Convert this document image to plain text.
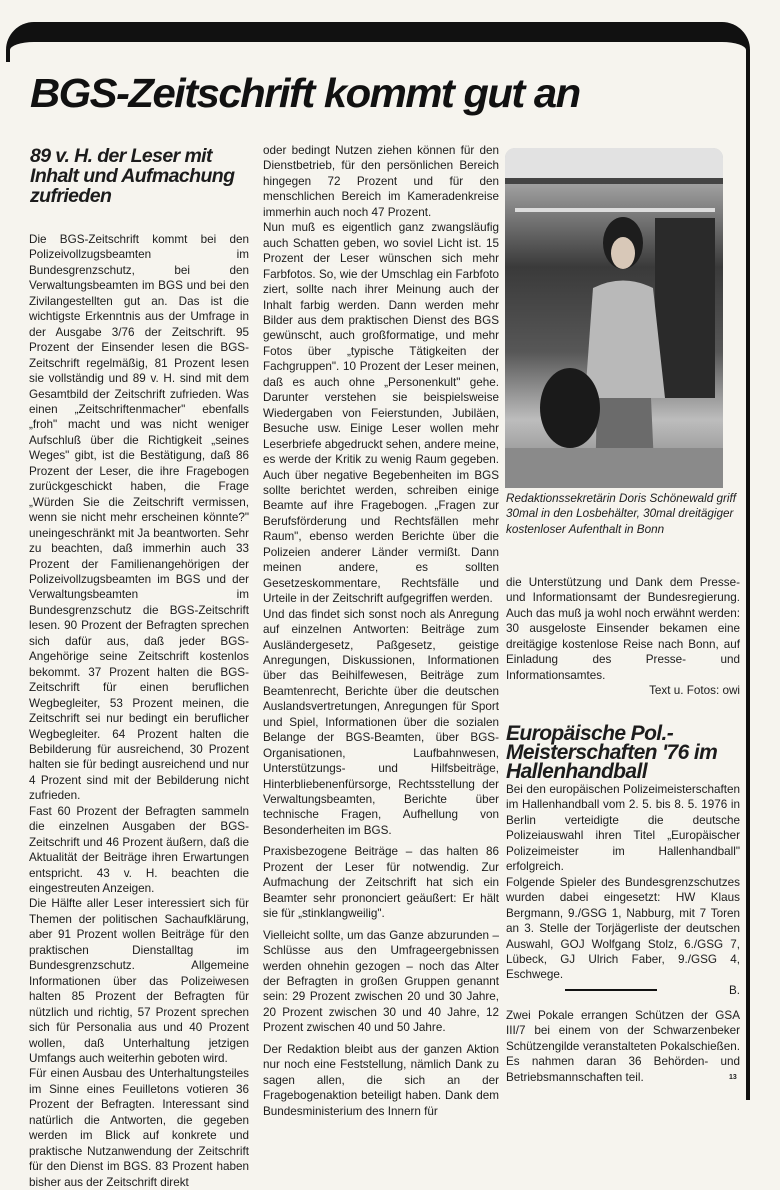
BGS-Zeitschrift kommt gut an
89 v. H. der Leser mit Inhalt und Aufmachung zufrieden

Die BGS-Zeitschrift kommt bei den Polizeivollzugsbeamten im Bundesgrenzschutz, bei den Verwaltungsbeamten im BGS und bei den Zivilangestellten gut an. Das ist die wichtigste Erkenntnis aus der Umfrage in der Ausgabe 3/76 der Zeitschrift. 95 Prozent der Einsender lesen die BGS-Zeitschrift regelmäßig, 81 Prozent lesen sie vollständig und 89 v. H. sind mit dem Gesamtbild der Zeitschrift zufrieden. Was einen „Zeitschriftenmacher" ebenfalls „froh" macht und was nicht weniger Aufschluß über die Richtigkeit „seines Weges" gibt, ist die Bestätigung, daß 86 Prozent der Leser, die ihre Fragebogen zurückgeschickt haben, die Frage „Würden Sie die Zeitschrift vermissen, wenn sie nicht mehr erscheinen könnte?" uneingeschränkt mit Ja beantworten. Sehr zu beachten, daß immerhin auch 33 Prozent der Familienangehörigen der Polizeivollzugsbeamten im BGS und der Verwaltungsbeamten im Bundesgrenzschutz die BGS-Zeitschrift lesen. 90 Prozent der Befragten sprechen sich dafür aus, daß jeder BGS-Angehörige seine Zeitschrift kostenlos bekommt. 37 Prozent halten die BGS-Zeitschrift für einen beruflichen Wegbegleiter, 53 Prozent meinen, die Zeitschrift sei nur bedingt ein beruflicher Wegbegleiter. 64 Prozent halten die Bebilderung für ausreichend, 30 Prozent halten sie für bedingt ausreichend und nur 4 Prozent sind mit der Bebilderung nicht zufrieden.

Fast 60 Prozent der Befragten sammeln die einzelnen Ausgaben der BGS-Zeitschrift und 46 Prozent äußern, daß die Aktualität der Beiträge ihren Erwartungen entspricht. 43 v. H. beachten die eingestreuten Anzeigen.

Die Hälfte aller Leser interessiert sich für Themen der politischen Sachaufklärung, aber 91 Prozent wollen Beiträge für den praktischen Dienstalltag im Bundesgrenzschutz. Allgemeine Informationen über das Polizeiwesen halten 85 Prozent der Befragten für nützlich und richtig, 57 Prozent sprechen sich für Personalia aus und 40 Prozent wollen, daß Unterhaltung jetzigen Umfangs auch weiterhin geboten wird.

Für einen Ausbau des Unterhaltungsteiles im Sinne eines Feuilletons votieren 36 Prozent der Befragten. Interessant sind natürlich die Antworten, die gegeben werden im Blick auf konkrete und praktische Nutzanwendung der Zeitschrift für den Dienst im BGS. 83 Prozent haben bisher aus der Zeitschrift direkt

oder bedingt Nutzen ziehen können für den Dienstbetrieb, für den persönlichen Bereich hingegen 72 Prozent und für den menschlichen Bereich im Kameradenkreise immerhin auch noch 47 Prozent.

Nun muß es eigentlich ganz zwangsläufig auch Schatten geben, wo soviel Licht ist. 15 Prozent der Leser wünschen sich mehr Farbfotos. So, wie der Umschlag ein Farbfoto ziert, sollte nach ihrer Meinung auch der Inhalt farbig werden. Dann werden mehr Bilder aus dem praktischen Dienst des BGS gewünscht, auch großformatige, und mehr Fotos über „typische Tätigkeiten der Fachgruppen". 10 Prozent der Leser meinen, daß es auch ohne „Personenkult" gehe. Darunter verstehen sie beispielsweise Wiedergaben von Feierstunden, Jubiläen, Besuche usw. Einige Leser wollen mehr Leserbriefe abgedruckt sehen, andere meine, es werde der Kritik zu wenig Raum gegeben. Auch über negative Begebenheiten im BGS sollte berichtet werden, schreiben einige Beamte auf ihre Fragebogen. „Fragen zur Berufsförderung und Rechtsfällen mehr Raum", ebenso werden Berichte über die Polizeien anderer Länder vermißt. Dann meinen andere, es sollten Gesetzeskommentare, Rechtsfälle und Urteile in der Zeitschrift aufgegriffen werden.

Und das findet sich sonst noch als Anregung auf einzelnen Antworten: Beiträge zum Ausländergesetz, Paßgesetz, geistige Anregungen, Diskussionen, Informationen über das Beihilfewesen, Beiträge zum Beamtenrecht, Berichte über die deutschen Auslandsvertretungen, Anregungen für Sport und Spiel, Informationen über die sozialen Belange der BGS-Beamten, über BGS-Organisationen, Laufbahnwesen, Unterstützungs- und Hilfsbeiträge, Hinterbliebenenfürsorge, Rechtsstellung der Verwaltungsbeamten, Berichte über technische Fragen, Aufhellung von Besonderheiten im BGS.

Praxisbezogene Beiträge – das halten 86 Prozent der Leser für notwendig. Zur Aufmachung der Zeitschrift hat sich ein Beamter sehr prononciert geäußert: Er hält sie für „stinklangweilig".

Vielleicht sollte, um das Ganze abzurunden – Schlüsse aus den Umfrageergebnissen werden ohnehin gezogen – noch das Alter der Befragten in großen Gruppen genannt sein: 29 Prozent zwischen 20 und 30 Jahre, 20 Prozent zwischen 30 und 40 Jahre, 12 Prozent zwischen 40 und 50 Jahre.

Der Redaktion bleibt aus der ganzen Aktion nur noch eine Feststellung, nämlich Dank zu sagen allen, die sich an der Fragebogenaktion beteiligt haben. Dank dem Bundesministerium des Innern für

Redaktionssekretärin Doris Schönewald griff 30mal in den Losbehälter, 30mal dreitägiger kostenloser Aufenthalt in Bonn

die Unterstützung und Dank dem Presse- und Informationsamt der Bundesregierung. Auch das muß ja wohl noch erwähnt werden: 30 ausgeloste Einsender bekamen eine dreitägige kostenlose Reise nach Bonn, auf Einladung des Presse- und Informationsamtes.

Text u. Fotos: owi

Europäische Pol.-Meisterschaften '76 im Hallenhandball

Bei den europäischen Polizeimeisterschaften im Hallenhandball vom 2. 5. bis 8. 5. 1976 in Berlin verteidigte die deutsche Polizeiauswahl ihren Titel „Europäischer Polizeimeister im Hallenhandball" erfolgreich.

Folgende Spieler des Bundesgrenzschutzes wurden dabei eingesetzt: HW Klaus Bergmann, 9./GSG 1, Nabburg, mit 7 Toren an 3. Stelle der Torjägerliste der deutschen Auswahl, GOJ Wolfgang Stolz, 6./GSG 7, Lübeck, GJ Ulrich Faber, 9./GSG 4, Eschwege.

B.

Zwei Pokale errangen Schützen der GSA III/7 bei einem von der Schwarzenbeker Schützengilde veranstalteten Pokalschießen. Es nahmen daran 36 Behörden- und Betriebsmannschaften teil.	13
